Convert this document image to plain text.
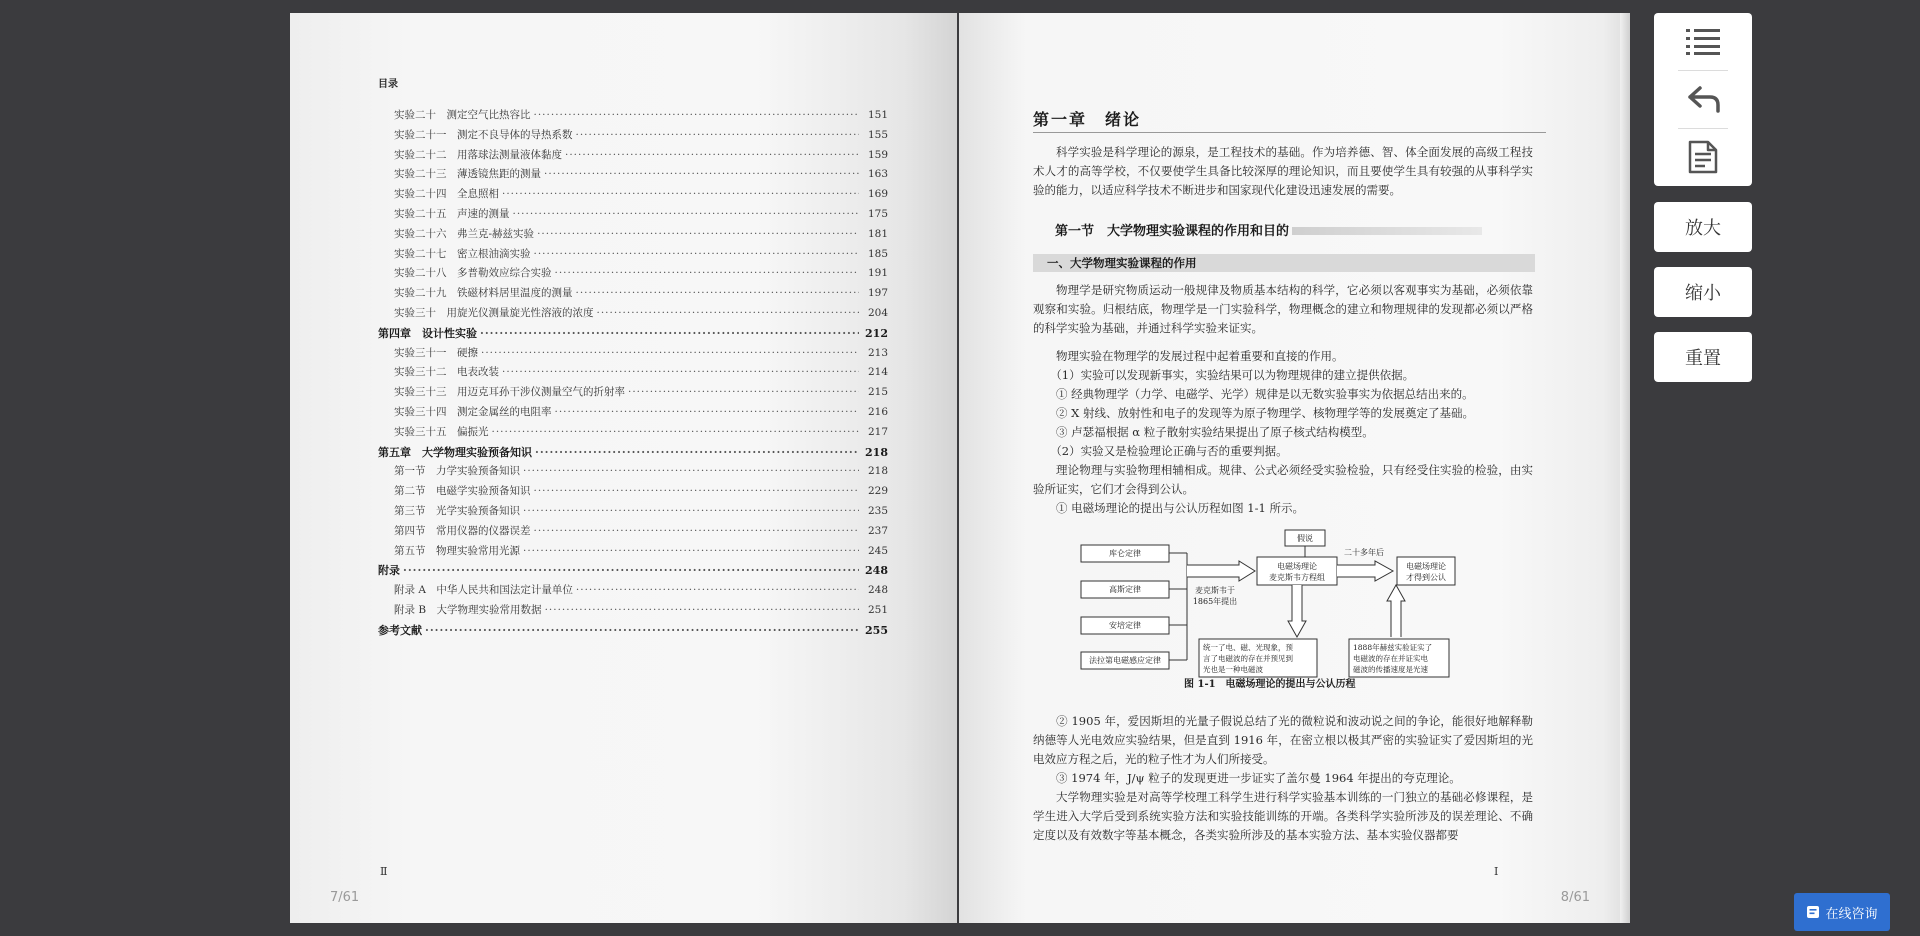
目录
实验二十　测定空气比热容比 ·····	151
实验二十一　测定不良导体的导热系数 ·····	155
实验二十二　用落球法测量液体黏度 ·····	159
实验二十三　薄透镜焦距的测量 ·····	163
实验二十四　全息照相 ·····	169
实验二十五　声速的测量 ·····	175
实验二十六　弗兰克-赫兹实验 ·····	181
实验二十七　密立根油滴实验 ·····	185
实验二十八　多普勒效应综合实验 ·····	191
实验二十九　铁磁材料居里温度的测量 ·····	197
实验三十　用旋光仪测量旋光性溶液的浓度 ·····	204
第四章　设计性实验 ·····	212
实验三十一　硬擦 ·····	213
实验三十二　电表改装 ·····	214
实验三十三　用迈克耳孙干涉仪测量空气的折射率 ·····	215
实验三十四　测定金属丝的电阻率 ·····	216
实验三十五　偏振光 ·····	217
第五章　大学物理实验预备知识 ·····	218
第一节　力学实验预备知识 ·····	218
第二节　电磁学实验预备知识 ·····	229
第三节　光学实验预备知识 ·····	235
第四节　常用仪器的仪器误差 ·····	237
第五节　物理实验常用光源 ·····	245
附录 ·····	248
附录 A　中华人民共和国法定计量单位 ·····	248
附录 B　大学物理实验常用数据 ·····	251
参考文献 ·····	255
Ⅱ
7/61
第一章　绪论
科学实验是科学理论的源泉，是工程技术的基础。作为培养德、智、体全面发展的高级工程技术人才的高等学校，不仅要使学生具备比较深厚的理论知识，而且要使学生具有较强的从事科学实验的能力，以适应科学技术不断进步和国家现代化建设迅速发展的需要。
第一节　大学物理实验课程的作用和目的
一、大学物理实验课程的作用
物理学是研究物质运动一般规律及物质基本结构的科学，它必须以客观事实为基础，必须依靠观察和实验。归根结底，物理学是一门实验科学，物理概念的建立和物理规律的发现都必须以严格的科学实验为基础，并通过科学实验来证实。
　　物理实验在物理学的发展过程中起着重要和直接的作用。
　　（1）实验可以发现新事实，实验结果可以为物理规律的建立提供依据。
　　① 经典物理学（力学、电磁学、光学）规律是以无数实验事实为依据总结出来的。
　　② X 射线、放射性和电子的发现等为原子物理学、核物理学等的发展奠定了基础。
　　③ 卢瑟福根据 α 粒子散射实验结果提出了原子核式结构模型。
　　（2）实验又是检验理论正确与否的重要判据。
理论物理与实验物理相辅相成。规律、公式必须经受实验检验，只有经受住实验的检验，由实验所证实，它们才会得到公认。
　　① 电磁场理论的提出与公认历程如图 1-1 所示。
库仑定律
高斯定律
安培定律
法拉第电磁感应定律
假说
电磁场理论
麦克斯韦方程组
电磁场理论
才得到公认
麦克斯韦于
1865年提出
二十多年后
统一了电、磁、光现象，预
言了电磁波的存在并预见到
光也是一种电磁波
1888年赫兹实验证实了
电磁波的存在并证实电
磁波的传播速度是光速
图 1-1　电磁场理论的提出与公认历程
　　② 1905 年，爱因斯坦的光量子假说总结了光的微粒说和波动说之间的争论，能很好地解释勒纳德等人光电效应实验结果，但是直到 1916 年，在密立根以极其严密的实验证实了爱因斯坦的光电效应方程之后，光的粒子性才为人们所接受。
　　③ 1974 年，J/ψ 粒子的发现更进一步证实了盖尔曼 1964 年提出的夸克理论。
大学物理实验是对高等学校理工科学生进行科学实验基本训练的一门独立的基础必修课程，是学生进入大学后受到系统实验方法和实验技能训练的开端。各类科学实验所涉及的误差理论、不确定度以及有效数字等基本概念，各类实验所涉及的基本实验方法、基本实验仪器都要
Ⅰ
8/61
放大
缩小
重置
在线咨询
